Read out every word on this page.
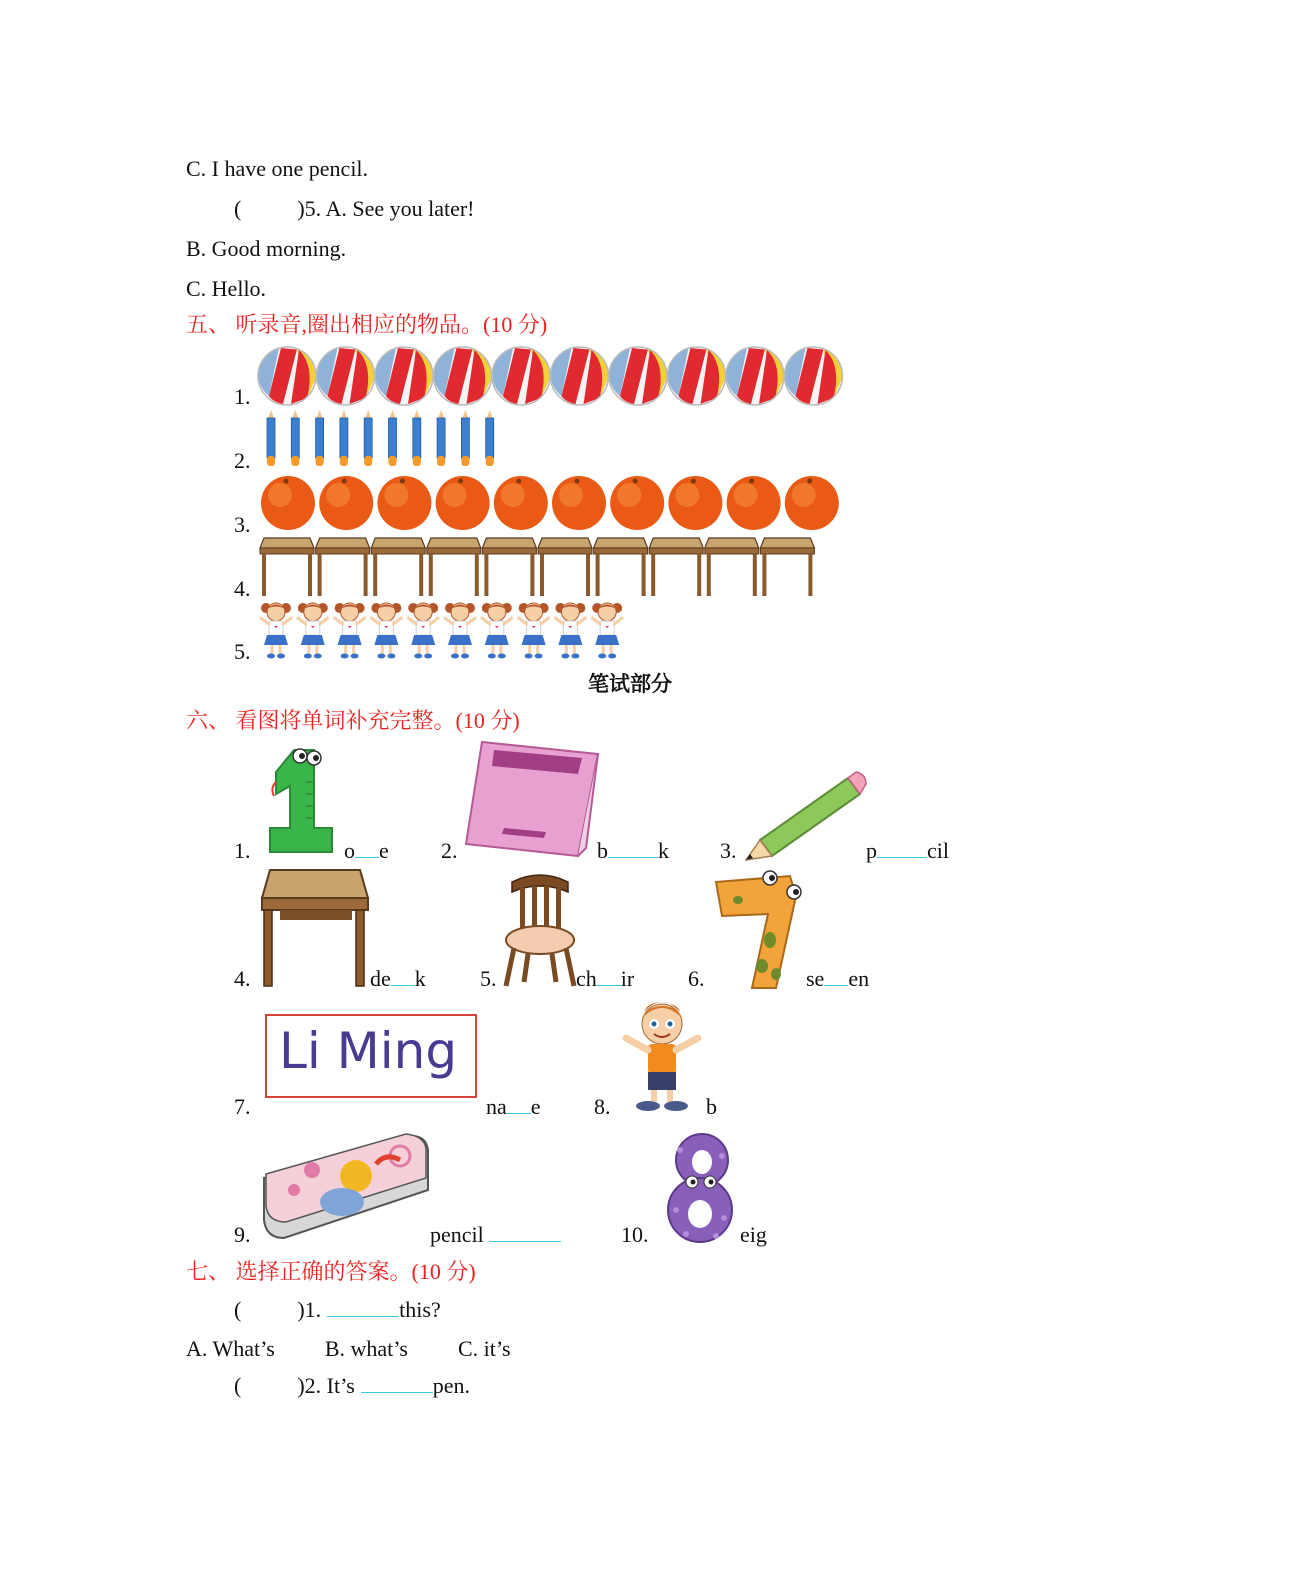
C. I have one pencil.
(	)5. A. See you later!
B. Good morning.
C. Hello.
五、 听录音,圈出相应的物品。(10 分)
1.
2.
3.
4.
5.
笔试部分
六、 看图将单词补充完整。(10 分)
1.	o e 2.	b k 3.	p cil
4.	de k 5.	ch ir 6.	se en
7.
Li Ming
na e 8.	b
9.	pencil	10.	eig
七、 选择正确的答案。(10 分)
(	)1.	this?
A. What’s B. what’s C. it’s
(	)2. It’s	pen.
